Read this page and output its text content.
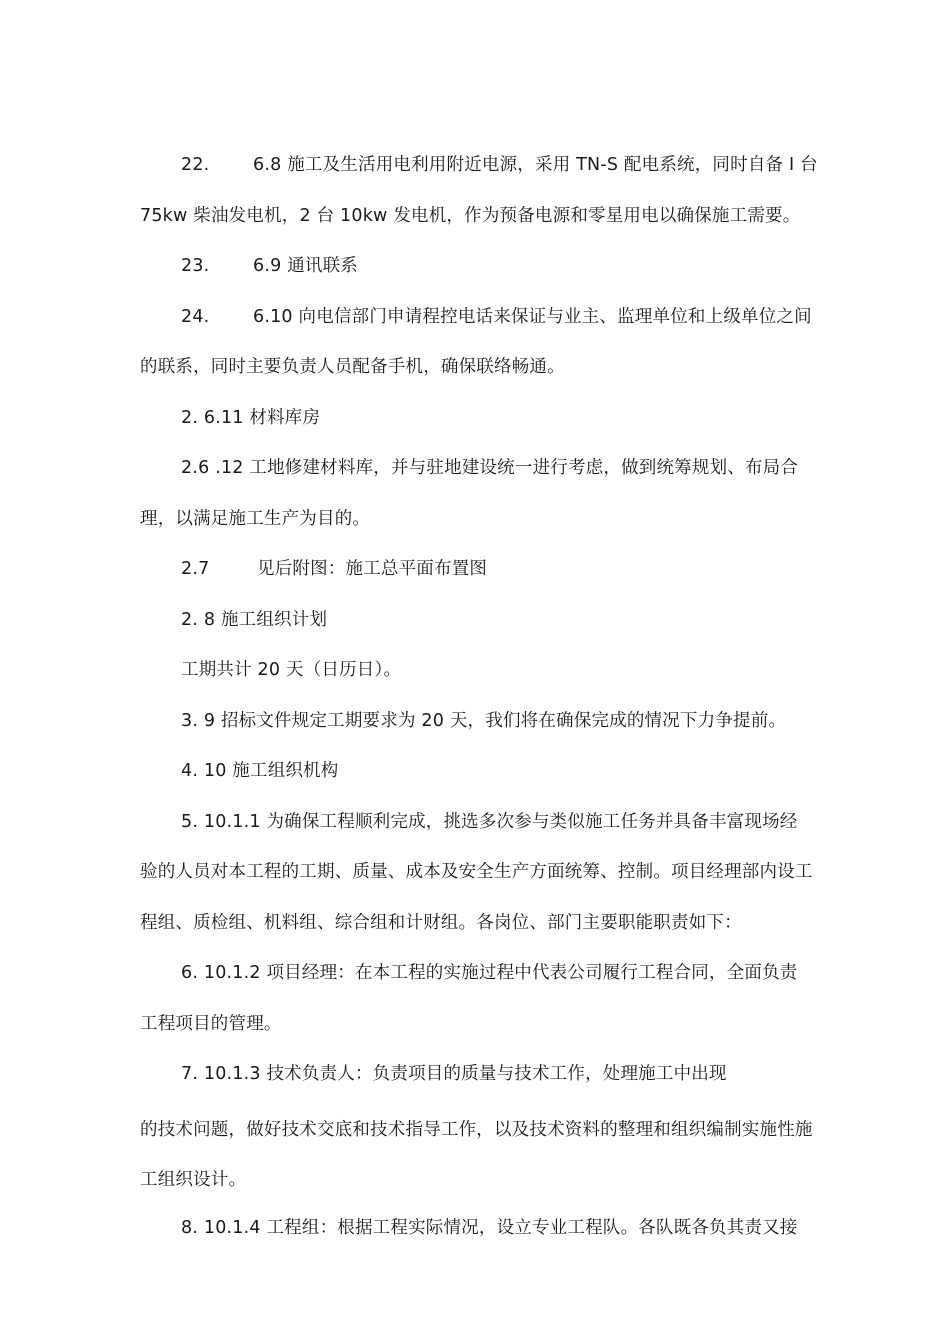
22. 6.8 施工及生活用电利用附近电源，采用 TN-S 配电系统，同时自备 I 台
75kw 柴油发电机，2 台 10kw 发电机，作为预备电源和零星用电以确保施工需要。
23. 6.9 通讯联系
24. 6.10 向电信部门申请程控电话来保证与业主、监理单位和上级单位之间
的联系，同时主要负责人员配备手机，确保联络畅通。
2. 6.11 材料库房
2.6 .12 工地修建材料库，并与驻地建设统一进行考虑，做到统筹规划、布局合
理，以满足施工生产为目的。
2.7	见后附图：施工总平面布置图
2. 8 施工组织计划
工期共计 20 天（日历日）。
3. 9 招标文件规定工期要求为 20 天，我们将在确保完成的情况下力争提前。
4. 10 施工组织机构
5. 10.1.1 为确保工程顺利完成，挑选多次参与类似施工任务并具备丰富现场经
验的人员对本工程的工期、质量、成本及安全生产方面统筹、控制。项目经理部内设工
程组、质检组、机料组、综合组和计财组。各岗位、部门主要职能职责如下：
6. 10.1.2 项目经理：在本工程的实施过程中代表公司履行工程合同，全面负责
工程项目的管理。
7. 10.1.3 技术负责人：负责项目的质量与技术工作，处理施工中出现
的技术问题，做好技术交底和技术指导工作，以及技术资料的整理和组织编制实施性施
工组织设计。
8. 10.1.4 工程组：根据工程实际情况，设立专业工程队。各队既各负其责又接
